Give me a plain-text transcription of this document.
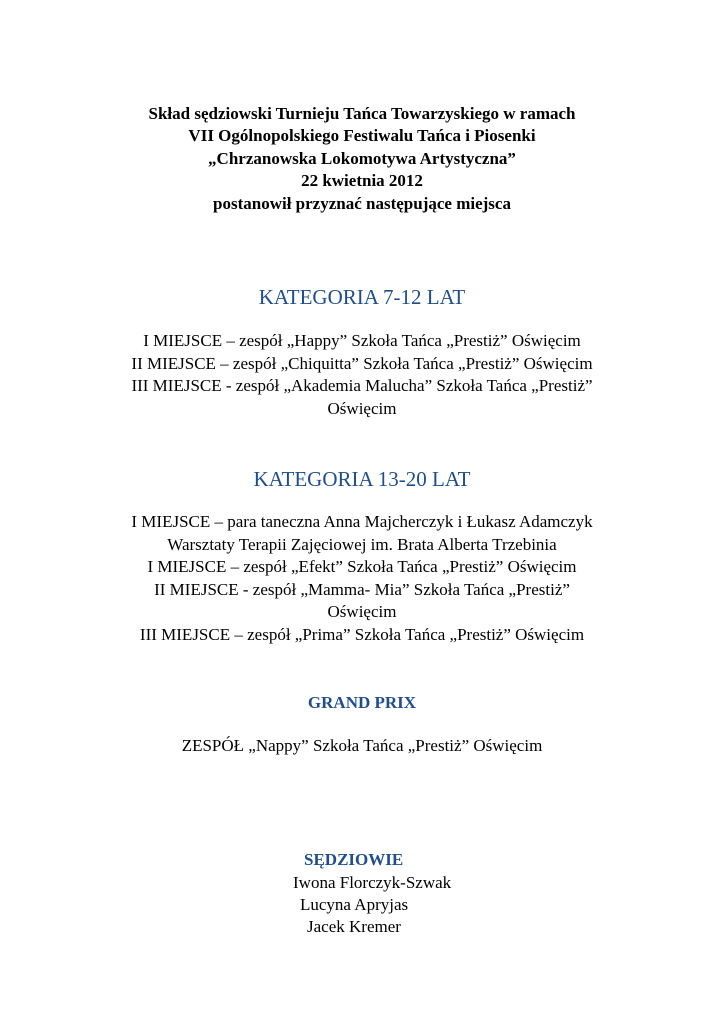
Skład sędziowski Turnieju Tańca Towarzyskiego w ramach
VII Ogólnopolskiego Festiwalu Tańca i Piosenki
„Chrzanowska Lokomotywa Artystyczna”
22 kwietnia 2012
postanowił przyznać następujące miejsca
KATEGORIA 7-12 LAT
I MIEJSCE – zespół „Happy” Szkoła Tańca „Prestiż” Oświęcim
II MIEJSCE – zespół „Chiquitta” Szkoła Tańca „Prestiż” Oświęcim
III MIEJSCE - zespół „Akademia Malucha” Szkoła Tańca „Prestiż”
Oświęcim
KATEGORIA 13-20 LAT
I MIEJSCE – para taneczna Anna Majcherczyk i Łukasz Adamczyk
Warsztaty Terapii Zajęciowej im. Brata Alberta Trzebinia
I MIEJSCE – zespół „Efekt” Szkoła Tańca „Prestiż” Oświęcim
II MIEJSCE - zespół „Mamma- Mia” Szkoła Tańca „Prestiż”
Oświęcim
III MIEJSCE – zespół „Prima” Szkoła Tańca „Prestiż” Oświęcim
GRAND PRIX
ZESPÓŁ „Nappy” Szkoła Tańca „Prestiż” Oświęcim
SĘDZIOWIE
Iwona Florczyk-Szwak
Lucyna Apryjas
Jacek Kremer
